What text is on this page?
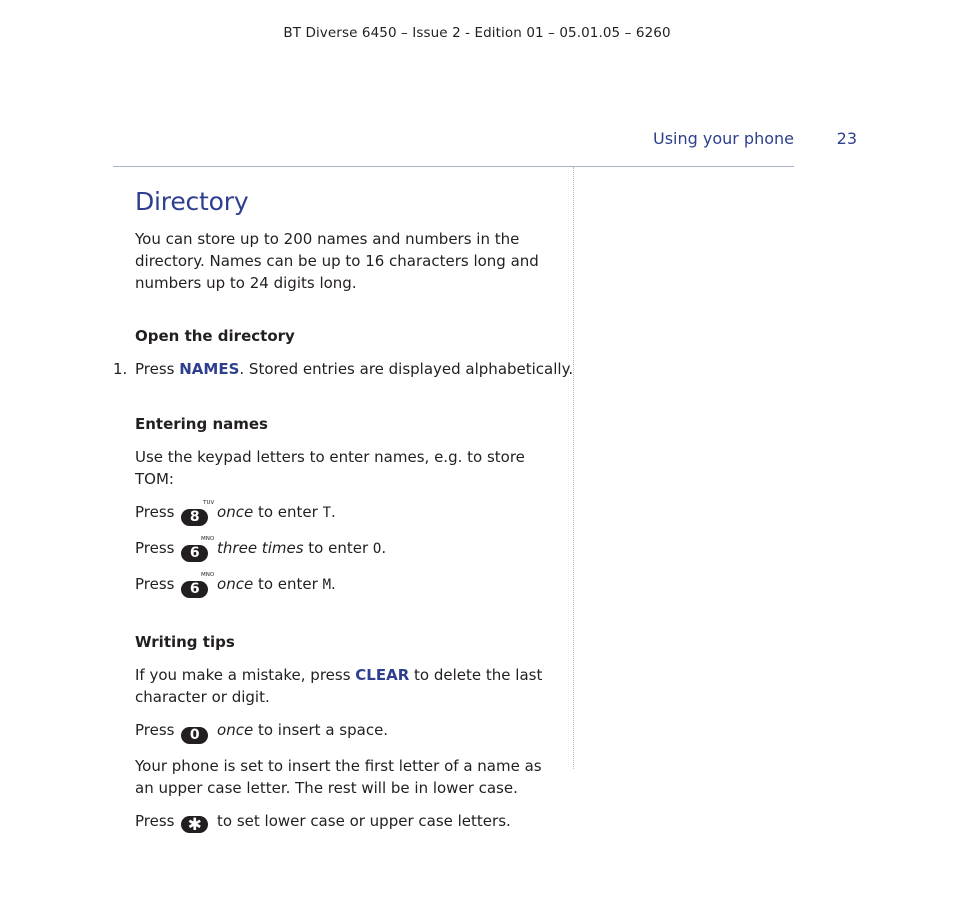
BT Diverse 6450 – Issue 2 - Edition 01 – 05.01.05 – 6260
Using your phone	23
Directory

You can store up to 200 names and numbers in the directory. Names can be up to 16 characters long and numbers up to 24 digits long.

Open the directory
1. Press NAMES. Stored entries are displayed alphabetically.
Entering names

Use the keypad letters to enter names, e.g. to store TOM:

Press 8
TUV once to enter T.

Press 6
MNO three times to enter O.

Press 6
MNO once to enter M.

Writing tips

If you make a mistake, press CLEAR to delete the last character or digit.

Press 0 once to insert a space.

Your phone is set to insert the first letter of a name as an upper case letter. The rest will be in lower case.

Press ✱ to set lower case or upper case letters.
